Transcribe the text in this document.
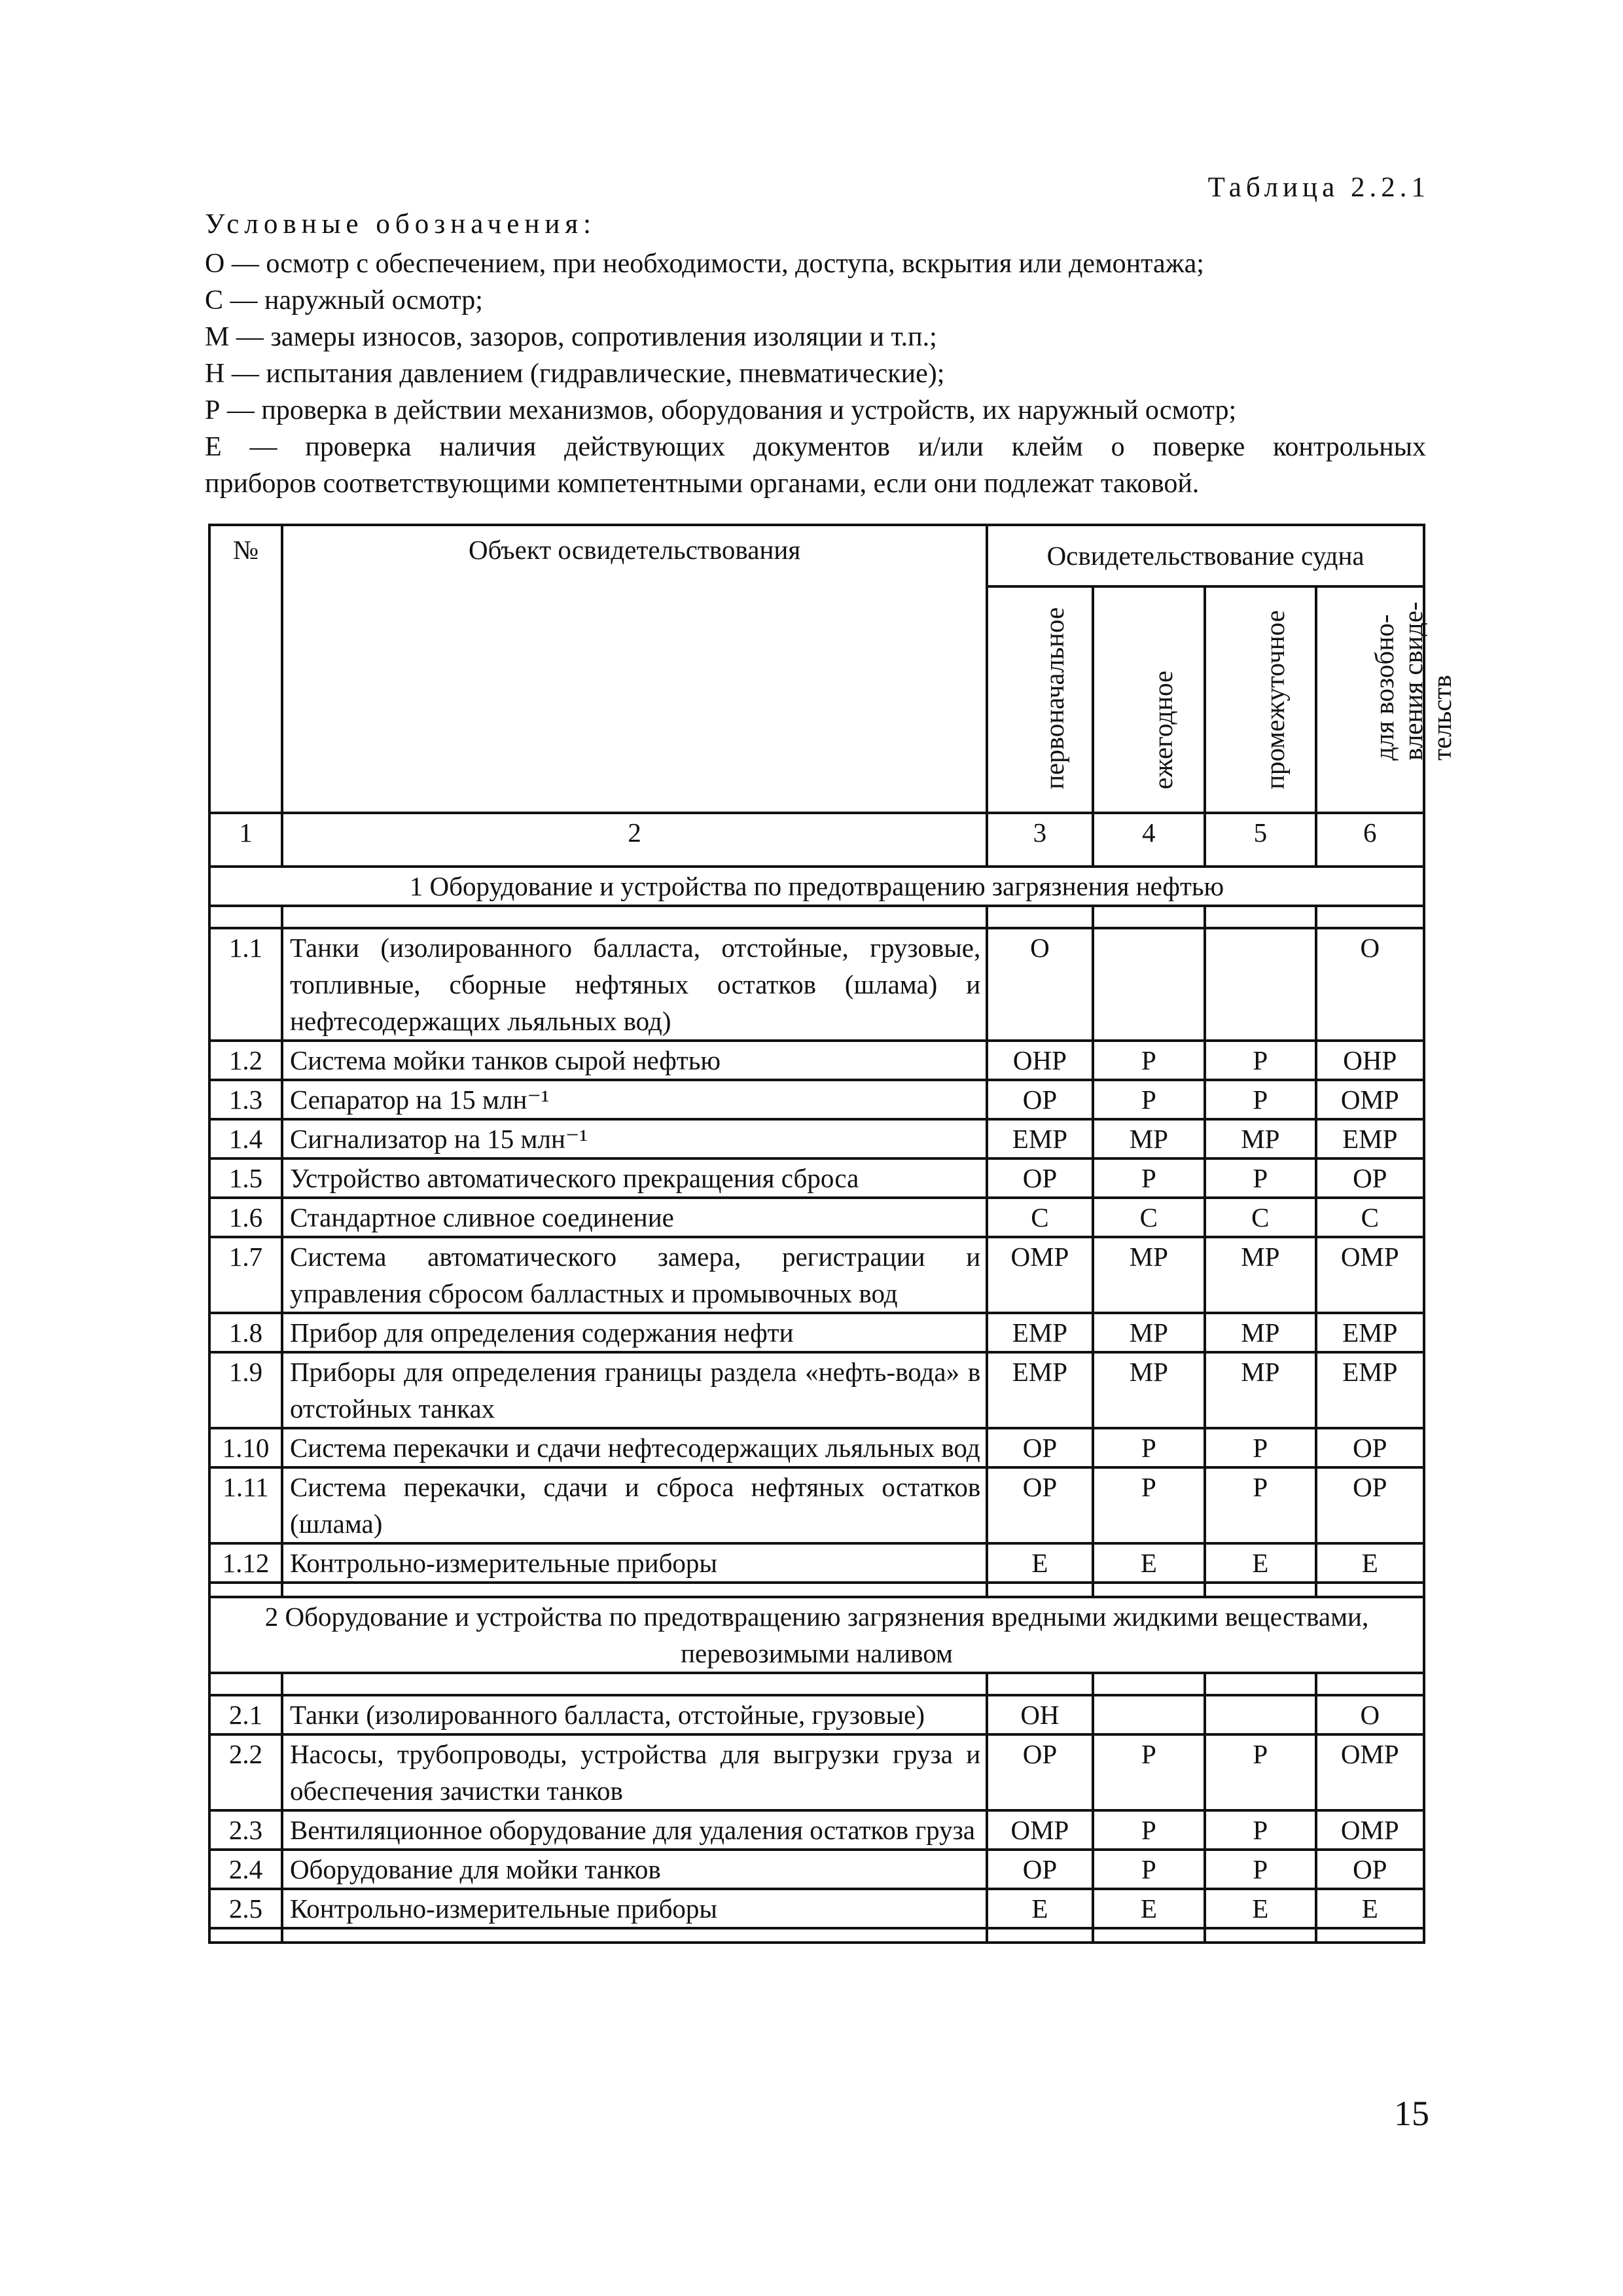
Таблица 2.2.1
Условные обозначения:
О — осмотр с обеспечением, при необходимости, доступа, вскрытия или демонтажа;
С — наружный осмотр;
М — замеры износов, зазоров, сопротивления изоляции и т.п.;
Н — испытания давлением (гидравлические, пневматические);
Р — проверка в действии механизмов, оборудования и устройств, их наружный осмотр;
Е — проверка наличия действующих документов и/или клейм о поверке контрольных
приборов соответствующими компетентными органами, если они подлежат таковой.
№	Объект освидетельствования	Освидетельствование судна			

		первоначальное	ежегодное	промежуточное	для возобно-вления свиде-тельств

1	2	3	4	5	6
1 Оборудование и устройства по предотвращению загрязнения нефтью					

1.1	Танки (изолированного балласта, отстойные, грузовые, топливные, сборные нефтяных остатков (шлама) и нефтесодержащих льяльных вод)	О			О
1.2	Система мойки танков сырой нефтью	ОНР	Р	Р	ОНР
1.3	Сепаратор на 15 млн⁻¹	ОР	Р	Р	ОМР
1.4	Сигнализатор на 15 млн⁻¹	ЕМР	МР	МР	ЕМР
1.5	Устройство автоматического прекращения сброса	ОР	Р	Р	ОР
1.6	Стандартное сливное соединение	С	С	С	С
1.7	Система автоматического замера, регистрации и управления сбросом балластных и промывочных вод	ОМР	МР	МР	ОМР
1.8	Прибор для определения содержания нефти	ЕМР	МР	МР	ЕМР
1.9	Приборы для определения границы раздела «нефть-вода» в отстойных танках	ЕМР	МР	МР	ЕМР
1.10	Система перекачки и сдачи нефтесодержащих льяльных вод	ОР	Р	Р	ОР
1.11	Система перекачки, сдачи и сброса нефтяных остатков (шлама)	ОР	Р	Р	ОР
1.12	Контрольно-измерительные приборы	Е	Е	Е	Е

2 Оборудование и устройства по предотвращению загрязнения вредными жидкими веществами, перевозимыми наливом					

2.1	Танки (изолированного балласта, отстойные, грузовые)	ОН			О
2.2	Насосы, трубопроводы, устройства для выгрузки груза и обеспечения зачистки танков	ОР	Р	Р	ОМР
2.3	Вентиляционное оборудование для удаления остатков груза	ОМР	Р	Р	ОМР
2.4	Оборудование для мойки танков	ОР	Р	Р	ОР
2.5	Контрольно-измерительные приборы	Е	Е	Е	Е

15
